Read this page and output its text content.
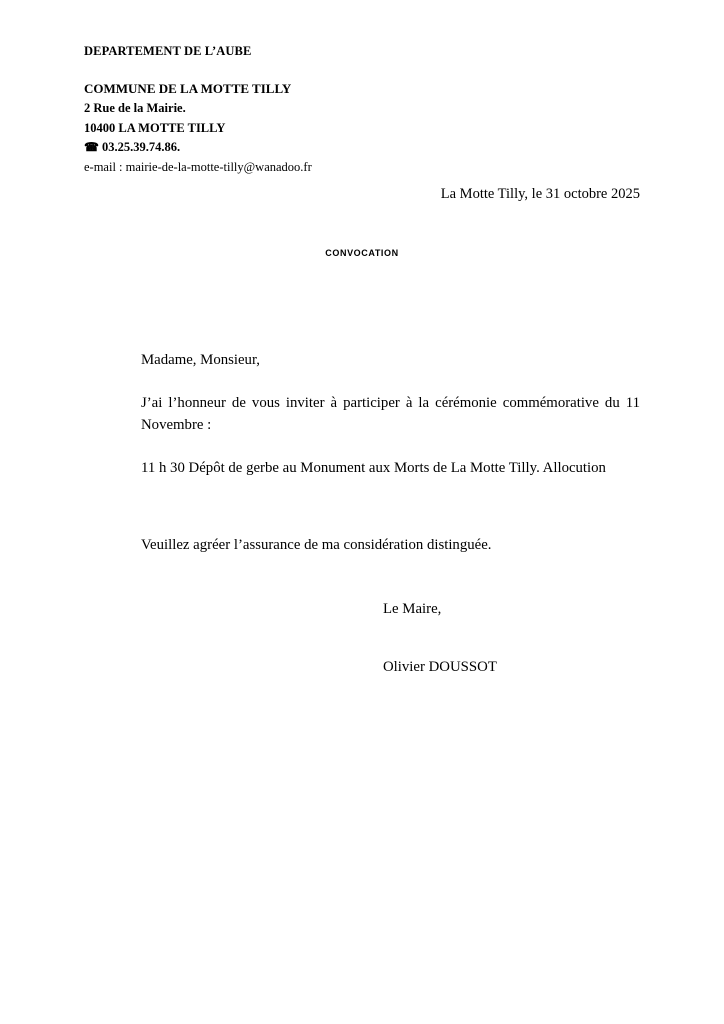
DEPARTEMENT DE L’AUBE
COMMUNE DE LA MOTTE TILLY
2 Rue de la Mairie.
10400 LA MOTTE TILLY
☎ 03.25.39.74.86.
e-mail : mairie-de-la-motte-tilly@wanadoo.fr
La Motte Tilly, le 31 octobre 2025
CONVOCATION

Madame, Monsieur,

J’ai l’honneur de vous inviter à participer à la cérémonie commémorative du 11 Novembre :

11 h 30 Dépôt de gerbe au Monument aux Morts de La Motte Tilly. Allocution

Veuillez agréer l’assurance de ma considération distinguée.

Le Maire,
Olivier DOUSSOT
